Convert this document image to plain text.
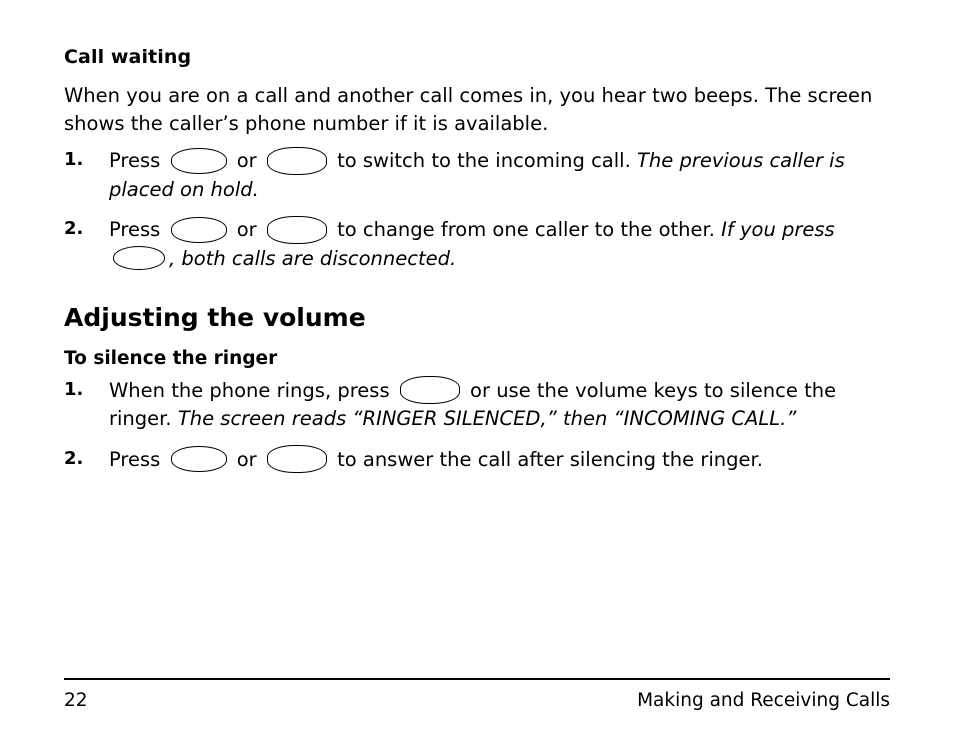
Call waiting

When you are on a call and another call comes in, you hear two beeps. The screen shows the caller’s phone number if it is available.

1. Press	or	to switch to the incoming call. The previous caller is placed on hold.
2. Press	or	to change from one caller to the other. If you press , both calls are disconnected.
Adjusting the volume
To silence the ringer
1. When the phone rings, press	or use the volume keys to silence the ringer. The screen reads “RINGER SILENCED,” then “INCOMING CALL.”
2. Press	or	to answer the call after silencing the ringer.
22	Making and Receiving Calls
